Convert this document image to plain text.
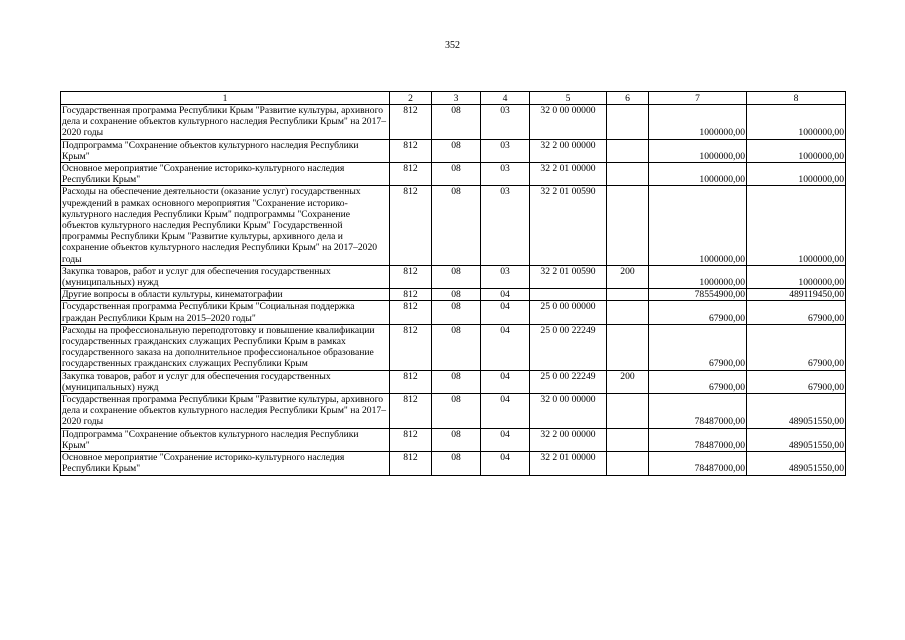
352
1	2	3	4	5	6	7	8
Государственная программа Республики Крым "Развитие культуры, архивного дела и сохранение объектов культурного наследия Республики Крым" на 2017–2020 годы	812	08	03	32 0 00 00000		1000000,00	1000000,00
Подпрограмма "Сохранение объектов культурного наследия Республики Крым"	812	08	03	32 2 00 00000		1000000,00	1000000,00
Основное мероприятие "Сохранение историко-культурного наследия Республики Крым"	812	08	03	32 2 01 00000		1000000,00	1000000,00
Расходы на обеспечение деятельности (оказание услуг) государственных учреждений в рамках основного мероприятия "Сохранение историко-культурного наследия Республики Крым" подпрограммы "Сохранение объектов культурного наследия Республики Крым" Государственной программы Республики Крым "Развитие культуры, архивного дела и сохранение объектов культурного наследия Республики Крым" на 2017–2020 годы	812	08	03	32 2 01 00590		1000000,00	1000000,00
Закупка товаров, работ и услуг для обеспечения государственных (муниципальных) нужд	812	08	03	32 2 01 00590	200	1000000,00	1000000,00
Другие вопросы в области культуры, кинематографии	812	08	04			78554900,00	489119450,00
Государственная программа Республики Крым "Социальная поддержка граждан Республики Крым на 2015–2020 годы"	812	08	04	25 0 00 00000		67900,00	67900,00
Расходы на профессиональную переподготовку и повышение квалификации государственных гражданских служащих Республики Крым в рамках государственного заказа на дополнительное профессиональное образование государственных гражданских служащих Республики Крым	812	08	04	25 0 00 22249		67900,00	67900,00
Закупка товаров, работ и услуг для обеспечения государственных (муниципальных) нужд	812	08	04	25 0 00 22249	200	67900,00	67900,00
Государственная программа Республики Крым "Развитие культуры, архивного дела и сохранение объектов культурного наследия Республики Крым" на 2017–2020 годы	812	08	04	32 0 00 00000		78487000,00	489051550,00
Подпрограмма "Сохранение объектов культурного наследия Республики Крым"	812	08	04	32 2 00 00000		78487000,00	489051550,00
Основное мероприятие "Сохранение историко-культурного наследия Республики Крым"	812	08	04	32 2 01 00000		78487000,00	489051550,00
